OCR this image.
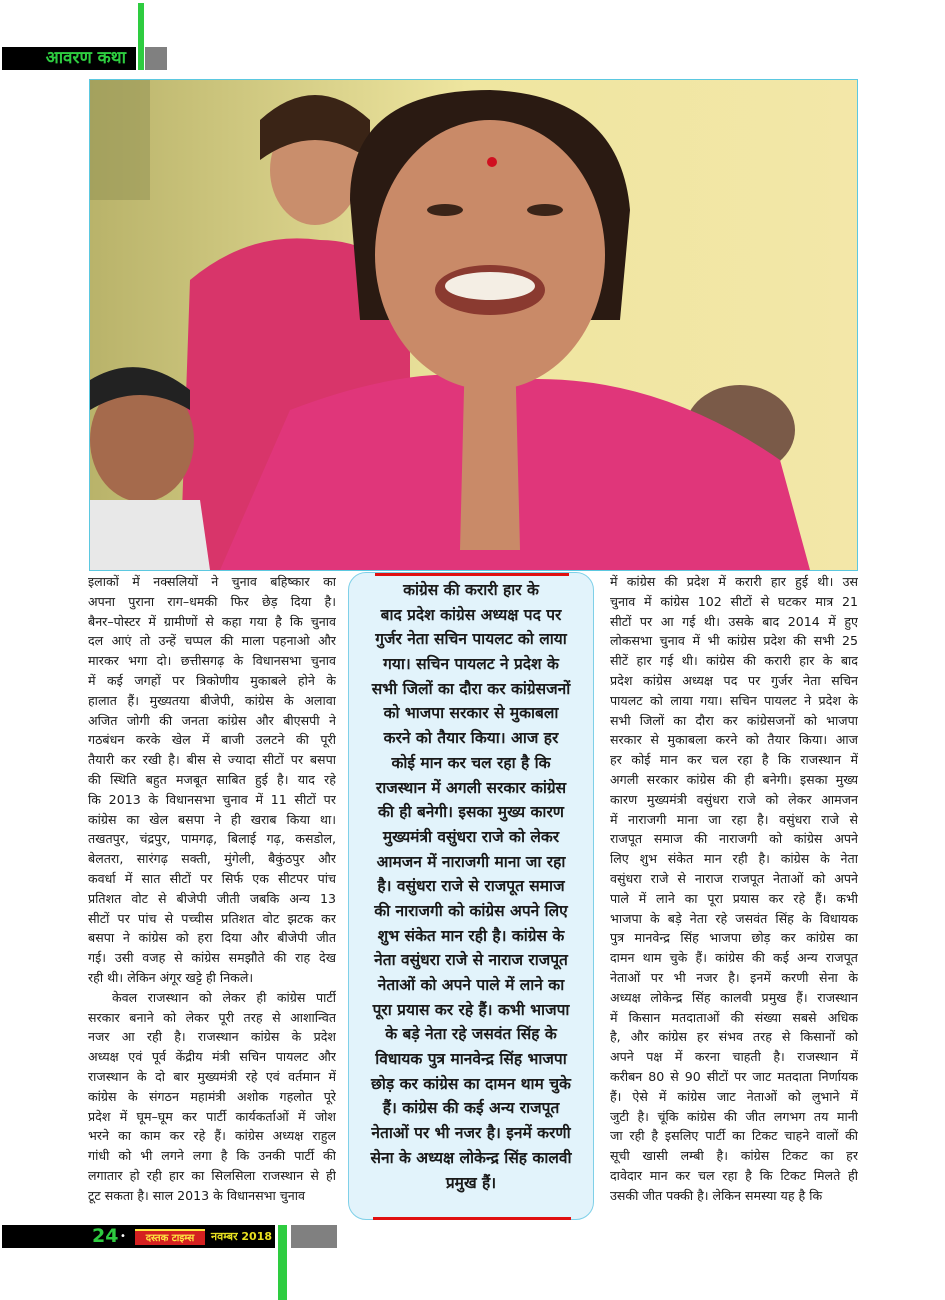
आवरण कथा
इलाकों में नक्सलियों ने चुनाव बहिष्कार का
अपना पुराना राग–धमकी फिर छेड़ दिया है।
बैनर–पोस्टर में ग्रामीणों से कहा गया है कि चुनाव
दल आएं तो उन्हें चप्पल की माला पहनाओ और
मारकर भगा दो। छत्तीसगढ़ के विधानसभा चुनाव
में कई जगहों पर त्रिकोणीय मुकाबले होने के
हालात हैं। मुख्यतया बीजेपी, कांग्रेस के अलावा
अजित जोगी की जनता कांग्रेस और बीएसपी ने
गठबंधन करके खेल में बाजी उलटने की पूरी
तैयारी कर रखी है। बीस से ज्यादा सीटों पर बसपा
की स्थिति बहुत मजबूत साबित हुई है। याद रहे
कि 2013 के विधानसभा चुनाव में 11 सीटों पर
कांग्रेस का खेल बसपा ने ही खराब किया था।
तखतपुर, चंद्रपुर, पामगढ़, बिलाई गढ़, कसडोल,
बेलतरा, सारंगढ़ सक्ती, मुंगेली, बैकुंठपुर और
कवर्धा में सात सीटों पर सिर्फ एक सीटपर पांच
प्रतिशत वोट से बीजेपी जीती जबकि अन्य 13
सीटों पर पांच से पच्चीस प्रतिशत वोट झटक कर
बसपा ने कांग्रेस को हरा दिया और बीजेपी जीत
गई। उसी वजह से कांग्रेस समझौते की राह देख
रही थी। लेकिन अंगूर खट्टे ही निकले।
केवल राजस्थान को लेकर ही कांग्रेस पार्टी
सरकार बनाने को लेकर पूरी तरह से आशान्वित
नजर आ रही है। राजस्थान कांग्रेस के प्रदेश
अध्यक्ष एवं पूर्व केंद्रीय मंत्री सचिन पायलट और
राजस्थान के दो बार मुख्यमंत्री रहे एवं वर्तमान में
कांग्रेस के संगठन महामंत्री अशोक गहलोत पूरे
प्रदेश में घूम–घूम कर पार्टी कार्यकर्ताओं में जोश
भरने का काम कर रहे हैं। कांग्रेस अध्यक्ष राहुल
गांधी को भी लगने लगा है कि उनकी पार्टी की
लगातार हो रही हार का सिलसिला राजस्थान से ही
टूट सकता है। साल 2013 के विधानसभा चुनाव
कांग्रेस की करारी हार के
बाद प्रदेश कांग्रेस अध्यक्ष पद पर
गुर्जर नेता सचिन पायलट को लाया
गया। सचिन पायलट ने प्रदेश के
सभी जिलों का दौरा कर कांग्रेसजनों
को भाजपा सरकार से मुकाबला
करने को तैयार किया। आज हर
कोई मान कर चल रहा है कि
राजस्थान में अगली सरकार कांग्रेस
की ही बनेगी। इसका मुख्य कारण
मुख्यमंत्री वसुंधरा राजे को लेकर
आमजन में नाराजगी माना जा रहा
है। वसुंधरा राजे से राजपूत समाज
की नाराजगी को कांग्रेस अपने लिए
शुभ संकेत मान रही है। कांग्रेस के
नेता वसुंधरा राजे से नाराज राजपूत
नेताओं को अपने पाले में लाने का
पूरा प्रयास कर रहे हैं। कभी भाजपा
के बड़े नेता रहे जसवंत सिंह के
विधायक पुत्र मानवेन्द्र सिंह भाजपा
छोड़ कर कांग्रेस का दामन थाम चुके
हैं। कांग्रेस की कई अन्य राजपूत
नेताओं पर भी नजर है। इनमें करणी
सेना के अध्यक्ष लोकेन्द्र सिंह कालवी
प्रमुख हैं।
में कांग्रेस की प्रदेश में करारी हार हुई थी। उस
चुनाव में कांग्रेस 102 सीटों से घटकर मात्र 21
सीटों पर आ गई थी। उसके बाद 2014 में हुए
लोकसभा चुनाव में भी कांग्रेस प्रदेश की सभी 25
सीटें हार गई थी। कांग्रेस की करारी हार के बाद
प्रदेश कांग्रेस अध्यक्ष पद पर गुर्जर नेता सचिन
पायलट को लाया गया। सचिन पायलट ने प्रदेश के
सभी जिलों का दौरा कर कांग्रेसजनों को भाजपा
सरकार से मुकाबला करने को तैयार किया। आज
हर कोई मान कर चल रहा है कि राजस्थान में
अगली सरकार कांग्रेस की ही बनेगी। इसका मुख्य
कारण मुख्यमंत्री वसुंधरा राजे को लेकर आमजन
में नाराजगी माना जा रहा है। वसुंधरा राजे से
राजपूत समाज की नाराजगी को कांग्रेस अपने
लिए शुभ संकेत मान रही है। कांग्रेस के नेता
वसुंधरा राजे से नाराज राजपूत नेताओं को अपने
पाले में लाने का पूरा प्रयास कर रहे हैं। कभी
भाजपा के बड़े नेता रहे जसवंत सिंह के विधायक
पुत्र मानवेन्द्र सिंह भाजपा छोड़ कर कांग्रेस का
दामन थाम चुके हैं। कांग्रेस की कई अन्य राजपूत
नेताओं पर भी नजर है। इनमें करणी सेना के
अध्यक्ष लोकेन्द्र सिंह कालवी प्रमुख हैं। राजस्थान
में किसान मतदाताओं की संख्या सबसे अधिक
है, और कांग्रेस हर संभव तरह से किसानों को
अपने पक्ष में करना चाहती है। राजस्थान में
करीबन 80 से 90 सीटों पर जाट मतदाता निर्णायक
हैं। ऐसे में कांग्रेस जाट नेताओं को लुभाने में
जुटी है। चूंकि कांग्रेस की जीत लगभग तय मानी
जा रही है इसलिए पार्टी का टिकट चाहने वालों की
सूची खासी लम्बी है। कांग्रेस टिकट का हर
दावेदार मान कर चल रहा है कि टिकट मिलते ही
उसकी जीत पक्की है। लेकिन समस्या यह है कि
24 •	दस्तक टाइम्स	नवम्बर 2018
